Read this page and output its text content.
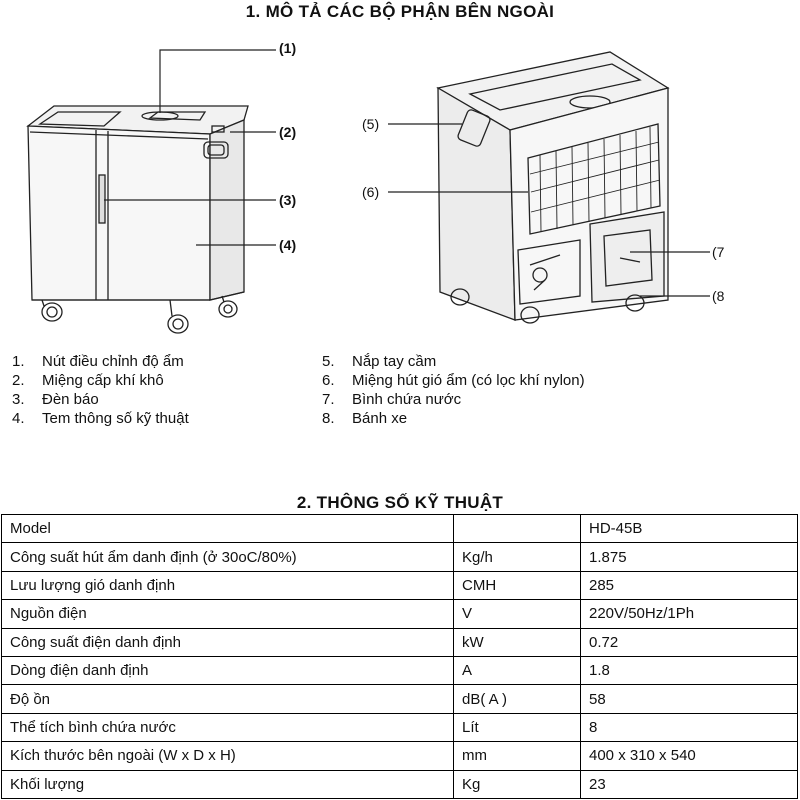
1. MÔ TẢ CÁC BỘ PHẬN BÊN NGOÀI
(1)
(2)
(3)
(4)
(5)
(6)
(7
(8
1.	Nút điều chỉnh độ ẩm
2.	Miệng cấp khí khô
3.	Đèn báo
4.	Tem thông số kỹ thuật
5.	Nắp tay cầm
6.	Miệng hút gió ẩm (có lọc khí nylon)
7.	Bình chứa nước
8.	Bánh xe
2. THÔNG SỐ KỸ THUẬT
Model		HD-45B
Công suất hút ẩm danh định (ở 30oC/80%)	Kg/h	1.875
Lưu lượng gió danh định	CMH	285
Nguồn điện	V	220V/50Hz/1Ph
Công suất điện danh định	kW	0.72
Dòng điện danh định	A	1.8
Độ ồn	dB( A )	58
Thể tích bình chứa nước	Lít	8
Kích thước bên ngoài (W x D x H)	mm	400 x 310 x 540
Khối lượng	Kg	23
